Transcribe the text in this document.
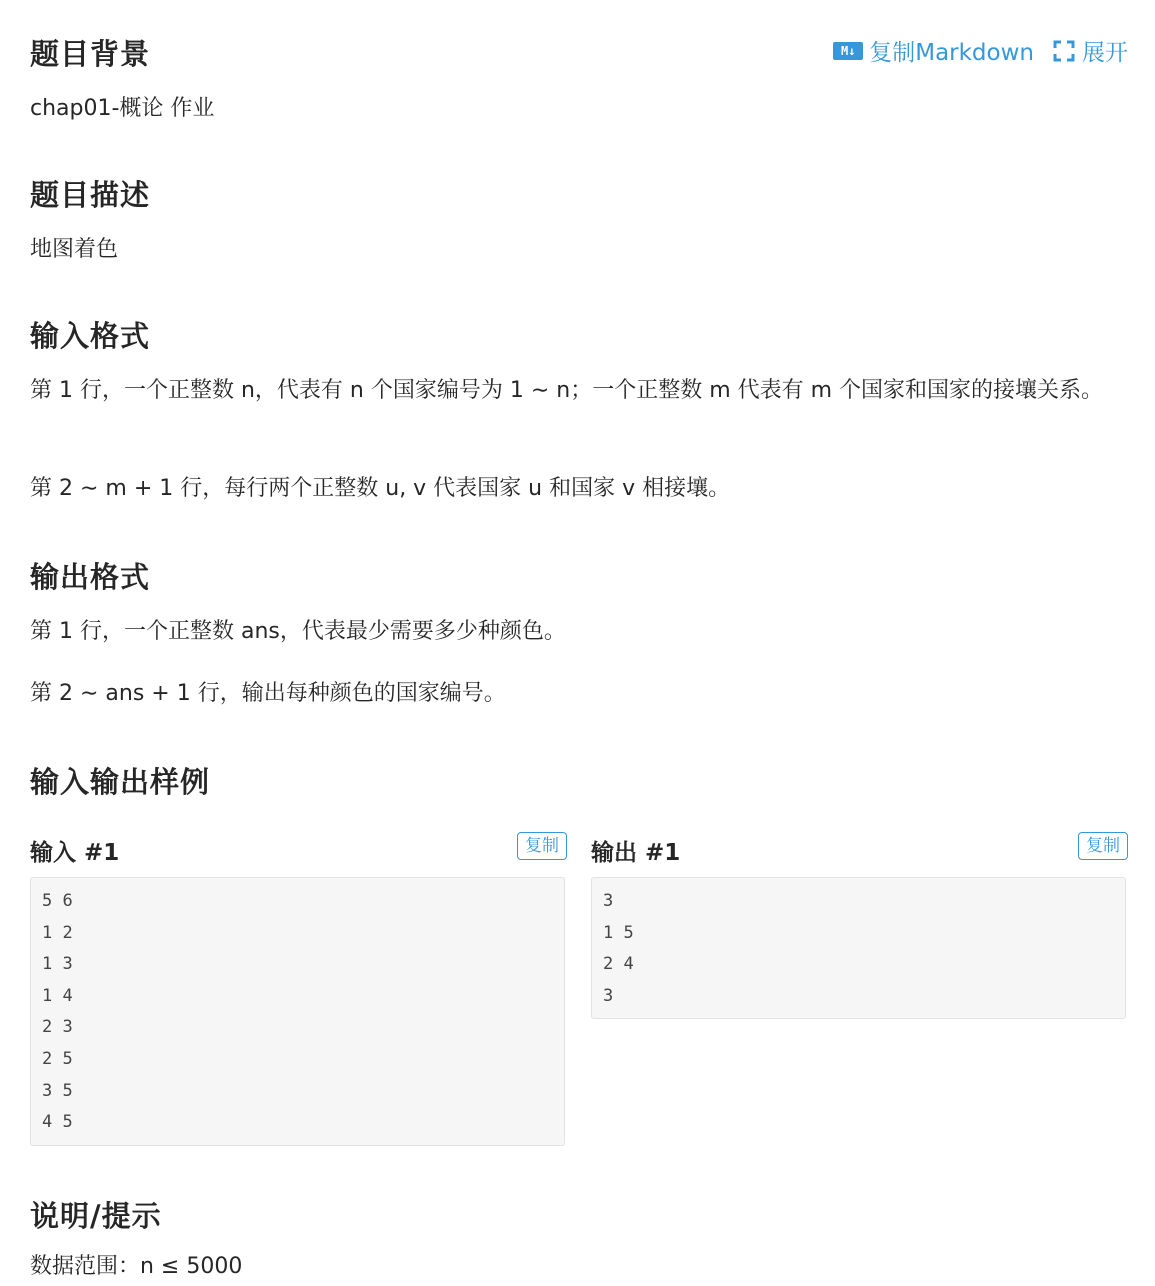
M↓ 复制Markdown 展开
题目背景

chap01-概论 作业

题目描述

地图着色

输入格式

第 1 行，一个正整数 n，代表有 n 个国家编号为 1 ∼ n；一个正整数 m 代表有 m 个国家和国家的接壤关系。

第 2 ∼ m + 1 行，每行两个正整数 u, v 代表国家 u 和国家 v 相接壤。

输出格式

第 1 行，一个正整数 ans，代表最少需要多少种颜色。

第 2 ∼ ans + 1 行，输出每种颜色的国家编号。

输入输出样例
说明/提示

数据范围：n ≤ 5000

输入 #1	复制
5 6
1 2
1 3
1 4
2 3
2 5
3 5
4 5
输出 #1	复制
3
1 5
2 4
3
